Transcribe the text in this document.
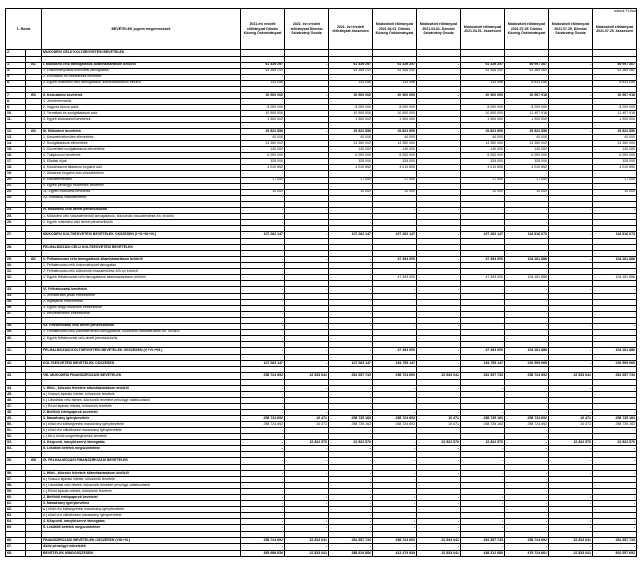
adatok Ft-ban
1. Rovat		BEVÉTELEK jogcím megnevezések	2021.évi eredeti előirányzat Dömös Község Önkormányzat	2021. évi eredeti előirányzat Dömösi Szivárvány Óvoda	2021. évi eredeti előirányzat összevont	Módosított előirányzat 2021.04.01. Dömös Község Önkormányzat	Módosított előirányzat 2021.04.01. Dömösi Szivárvány Óvoda	Módosított előirányzat 2021.04.01. összevont	Módosított előirányzat 2021.07.29. Dömös Község Önkormányzat	Módosított előirányzat 2021.07.29. Dömösi Szivárvány Óvoda	Módosított előirányzat 2021.07.29. összevont
2.		MŰKÖDÉSI CÉLÚ KÖLTSÉGVETÉSI BEVÉTELEK									

3.	B1	I. Működési célú támogatások államháztartáson belülről	61 439 297	-	61 439 297	61 439 297	-	61 439 297	69 997 307	-	69 997 307
4.		1. Önkormányzatok működési támogatása	61 306 241		61 306 241	61 306 241		61 306 241	61 364 261		61 364 261
5.		2. Elvonások és befizetések bevételei	-		-	-		-	-		-
6.		3. Egyéb működési célú támogatások államháztartáson belülről	133 056		133 056	133 056		133 056	8 633 056		8 633 056

7.	B3	II. Közhatalmi bevételek	20 900 000	-	20 900 000	20 900 000	-	20 900 000	20 907 916	-	20 907 916
8.		1. Jövedelemadók	-		-	-		-	-		-
9.		2. Vagyoni típusú adók	8 000 000		8 000 000	8 000 000		8 000 000	8 000 000		8 000 000
10.		3. Termékek és szolgáltatások adói	10 900 000		10 900 000	10 900 000		10 900 000	11 407 916		11 407 916
11.		4. Egyéb közhatalmi bevételek	1 500 000		1 500 000	1 500 000		1 500 000	1 500 000		1 500 000

12.	B4	III. Működési bevételek	25 822 850	-	25 822 850	25 822 850	-	25 822 850	25 822 850	-	25 822 850
13.		1. Készletértékesítés ellenértéke	40 000		40 000	40 000		40 000	40 000		40 000
14.		2. Szolgáltatások ellenértéke	14 350 000		14 350 000	14 350 000		14 350 000	14 350 000		14 350 000
15.		3. Közvetített szolgáltatások ellenértéke	140 000		140 000	140 000		140 000	140 000		140 000
16.		4. Tulajdonosi bevételek	6 000 000		6 000 000	6 000 000		6 000 000	6 000 000		6 000 000
17.		5. Ellátási díjak	325 000		325 000	325 000		325 000	325 000		325 000
18.		6. Kiszámlázott általános forgalmi adó	4 010 850		4 010 850	4 010 850		4 010 850	4 010 850		4 010 850
19.		7. Általános forgalmi adó visszatérítése	-		-	-		-	-		-
20.		8. Kamatbevételek	17 000		17 000	17 000		17 000	17 000		17 000
21.		9. Egyéb pénzügyi műveletek bevételei	-		-	-		-	-		-
22.		11. Egyéb működési bevételek	10 000		10 000	10 000		10 000	10 000		10 000
23.		12. Kiadások visszatérítései	-		-	-		-	-		-

24.		IV. Működési célú átvett pénzeszközök	-	-	-	-	-	-	-	-	-
25.		1. Működési célú visszatérítendő támogatások, kölcsönök visszatérülése Áh. kívülről	-		-	-		-	-		-
26.		2. Egyéb működési célú átvett pénzeszközök	-		-	-		-	-		-

27.		MŰKÖDÉSI KÖLTSÉGVETÉSI BEVÉTELEK ÖSSZESEN (I.+II.+III.+IV.)	107 262 147	-	107 262 147	107 262 147	-	107 262 147	116 816 073	-	116 816 073

28.		FELHALMOZÁSI CÉLÚ KÖLTSÉGVETÉSI BEVÉTELEK									

29.	B2	V. Felhalmozási célú támogatások államháztartáson belülről	-	-	-	47 493 000	-	47 493 000	104 181 886	-	104 181 886
30.		1. Felhalmozási célú önkormányzati támogatás	-		-	-		-	-		-
31.		2. Felhalmozási célú kölcsönök visszatérülése Á/h-on kívülről	-		-	-		-	-		-
32.		3. Egyéb felhalmozási célú támogatások államháztartáson belülről	-		-	47 493 000		47 493 000	104 181 886		104 181 886

33.		VI. Felhalmozási bevételek	-	-	-	-	-	-	-	-	-
34.		1. Immateriális javak értékesítése	-		-	-		-	-		-
35.		2. Ingatlanok értékesítése	-		-	-		-	-		-
36.		3. Egyéb tárgyi eszközök értékesítése	-		-	-		-	-		-
37.		4. Részesedések értékesítése	-		-	-		-	-		-

38.		VII. Felhalmozási célú átvett pénzeszközök	-	-	-	-	-	-	-	-	-
39.		1. Felhalmozási célú visszatérítendő támogatások, kölcsönök visszatérülése Áh. kívülről	-		-	-		-	-		-
40.		2. Egyéb felhalmozási célú átvett pénzeszközök	-		-	-		-	-		-

41.		FELHALMOZÁSI KÖLTSÉGVETÉSI BEVÉTELEK ÖSSZESEN (V.+VI.+VII.)	-	-	-	47 493 000	-	47 493 000	104 181 886	-	104 181 886

42.		KÖLTSÉGVETÉSI BEVÉTELEK ÖSSZESEN	107 262 147	-	107 262 147	154 755 147	-	154 755 147	220 995 969	-	220 995 969

43.		VIII. MŰKÖDÉSI FINANSZÍROZÁSI BEVÉTELEK	258 724 692	22 833 041	281 557 733	258 724 692	22 833 041	281 557 733	258 724 692	22 833 041	281 557 733

44.		1. Hitel-, kölcsön felvétele államháztartáson kívülről	-	-	-	-	-	-	-	-	-
45.		a.) Hosszú lejáratú hitelek, kölcsönök felvétele	-		-	-		-	-		-
46.		b.) Likviditási célú hitelek, kölcsönök felvétele pénzügyi vállalkozástól	-		-	-		-	-		-
47.		c.) Rövid lejáratú hitelek, kölcsönök felvétele	-		-	-		-	-		-
48.		2. Belföldi értékpapírok bevételei	-	-	-	-	-	-	-	-	-
49.		3. Maradvány igénybevétele	258 724 692	10 471	258 735 163	258 724 692	10 471	258 735 163	258 724 692	10 471	258 735 163
50.		a.) előző évi költségvetési maradvány igénybevétele	258 724 692	10 471	258 735 163	258 724 692	10 471	258 735 163	258 724 692	10 471	258 735 163
51.		b.) előző évi vállalkozási maradvány igénybevétele	-		-	-		-	-		-
52.		c.) Áh-n belüli megelőlegezések bevétele	-		-	-		-	-		-
53.		4. Központi, irányítószervi támogatás	-	22 822 570	22 822 570	-	22 822 570	22 822 570	-	22 822 570	22 822 570
54.		5. Lekötött betétek megszüntetése	-	-	-	-	-	-	-	-	-

55.	B8	IX. FELHALMOZÁSI FINANSZÍROZÁSI BEVÉTELEK	-	-	-	-	-	-	-	-	-

56.		1. Hitel-, kölcsön felvétele államháztartáson kívülről	-	-	-	-	-	-	-	-	-
57.		a.) Hosszú lejáratú hitelek, kölcsönök felvétele	-		-	-		-	-		-
58.		b.) Likviditási célú hitelek, kölcsönök felvétele pénzügyi vállalkozástól	-		-	-		-	-		-
59.		c.) Rövid lejáratú hitelek, kölcsönök felvétele	-		-	-		-	-		-
60.		2. Belföldi értékpapírok bevételei	-	-	-	-	-	-	-	-	-
61.		3. Maradvány igénybevétele	-	-	-	-	-	-	-	-	-
62.		a.) előző évi költségvetési maradvány igénybevétele	-		-	-		-	-		-
63.		b.) előző évi vállalkozási maradvány igénybevétele	-		-	-		-	-		-
64.		4. Központi, irányítószervi támogatás	-	-	-	-	-	-	-	-	-
65.		5. Lekötött betétek megszüntetése	-	-	-	-	-	-	-	-	-

66.		FINANSZÍROZÁSI BEVÉTELEK ÖSSZESEN (VIII.+IX.)	258 724 692	22 833 041	281 557 733	258 724 692	22 833 041	281 557 733	258 724 692	22 833 041	281 557 733
67.		Aktív pénzügyi műveletek	-	-	-	-	-	-	-	-	-
68.		BEVÉTELEK MINDÖSSZESEN	365 986 839	22 833 041	388 819 880	413 479 839	22 833 041	436 312 880	479 724 661	22 833 041	502 557 692
